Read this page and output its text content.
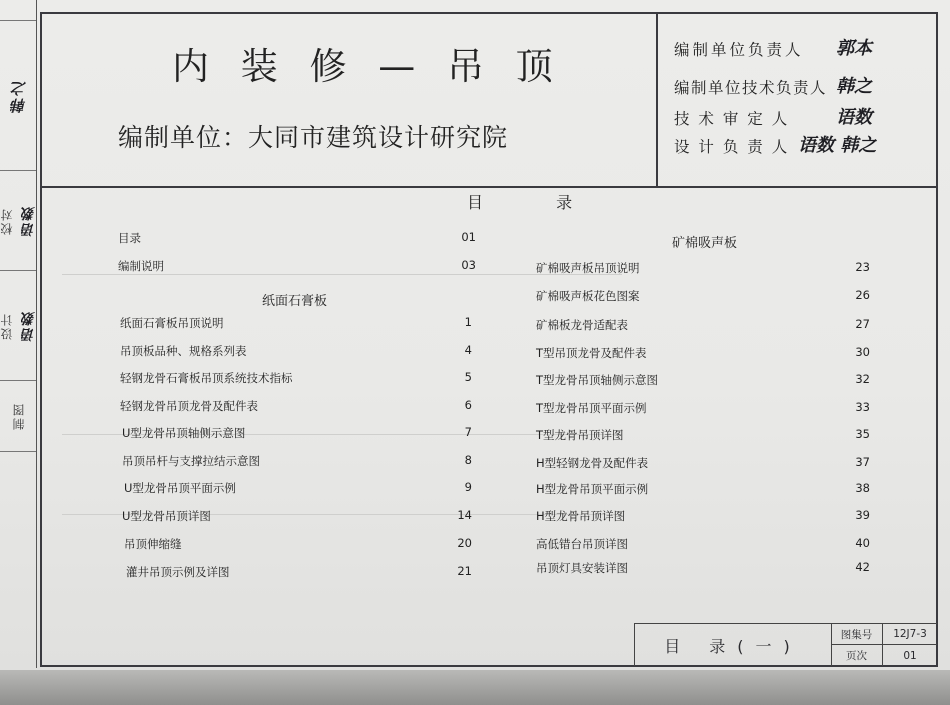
韩之
校对 语数
设计 语数
制图
内 装 修 — 吊 顶
编制单位：大同市建筑设计研究院
编制单位负责人 郭本
编制单位技术负责人 韩之
技 术 审 定 人	语数
设 计 负 责 人 语数 韩之
目 录
目录	01
编制说明	03
纸面石膏板
纸面石膏板吊顶说明	1
吊顶板品种、规格系列表	4
轻钢龙骨石膏板吊顶系统技术指标	5
轻钢龙骨吊顶龙骨及配件表	6
U型龙骨吊顶轴侧示意图	7
吊顶吊杆与支撑拉结示意图	8
U型龙骨吊顶平面示例	9
U型龙骨吊顶详图	14
吊顶伸缩缝	20
灌井吊顶示例及详图	21
矿棉吸声板
矿棉吸声板吊顶说明	23
矿棉吸声板花色图案	26
矿棉板龙骨适配表	27
T型吊顶龙骨及配件表	30
T型龙骨吊顶轴侧示意图	32
T型龙骨吊顶平面示例	33
T型龙骨吊顶详图	35
H型轻钢龙骨及配件表	37
H型龙骨吊顶平面示例	38
H型龙骨吊顶详图	39
高低错台吊顶详图	40
吊顶灯具安装详图	42
目 录(一)
图集号	12J7-3
页次	01
